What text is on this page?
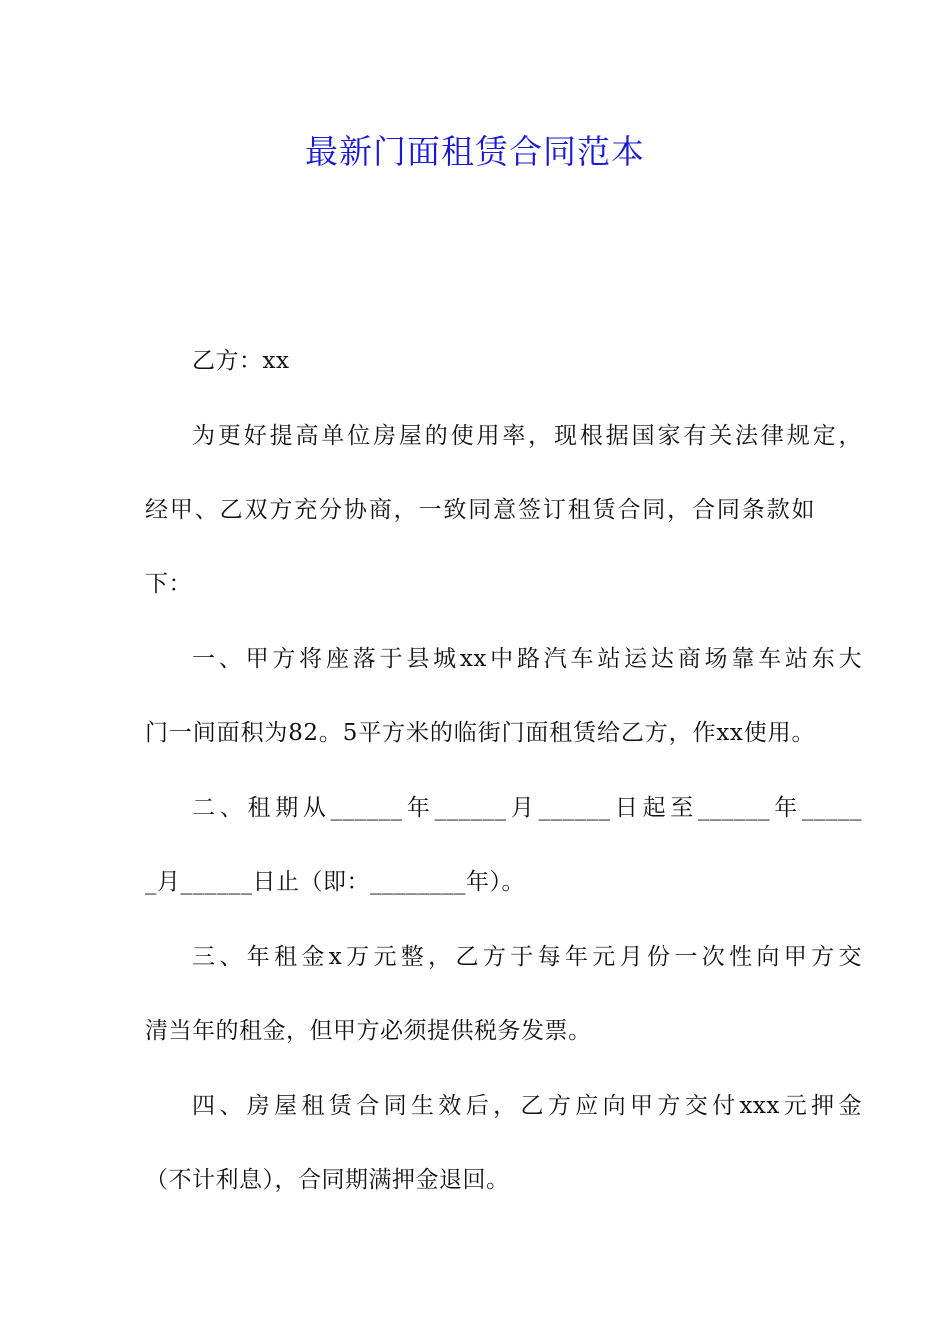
最新门面租赁合同范本
乙方：xx
为更好提高单位房屋的使用率，现根据国家有关法律规定，
经甲、乙双方充分协商，一致同意签订租赁合同，合同条款如
下：
一、甲方将座落于县城xx中路汽车站运达商场靠车站东大
门一间面积为82。5平方米的临街门面租赁给乙方，作xx使用。
二、租期从______年______月______日起至______年_____
_月______日止（即：________年）。
三、年租金x万元整，乙方于每年元月份一次性向甲方交
清当年的租金，但甲方必须提供税务发票。
四、房屋租赁合同生效后，乙方应向甲方交付xxx元押金
（不计利息），合同期满押金退回。
